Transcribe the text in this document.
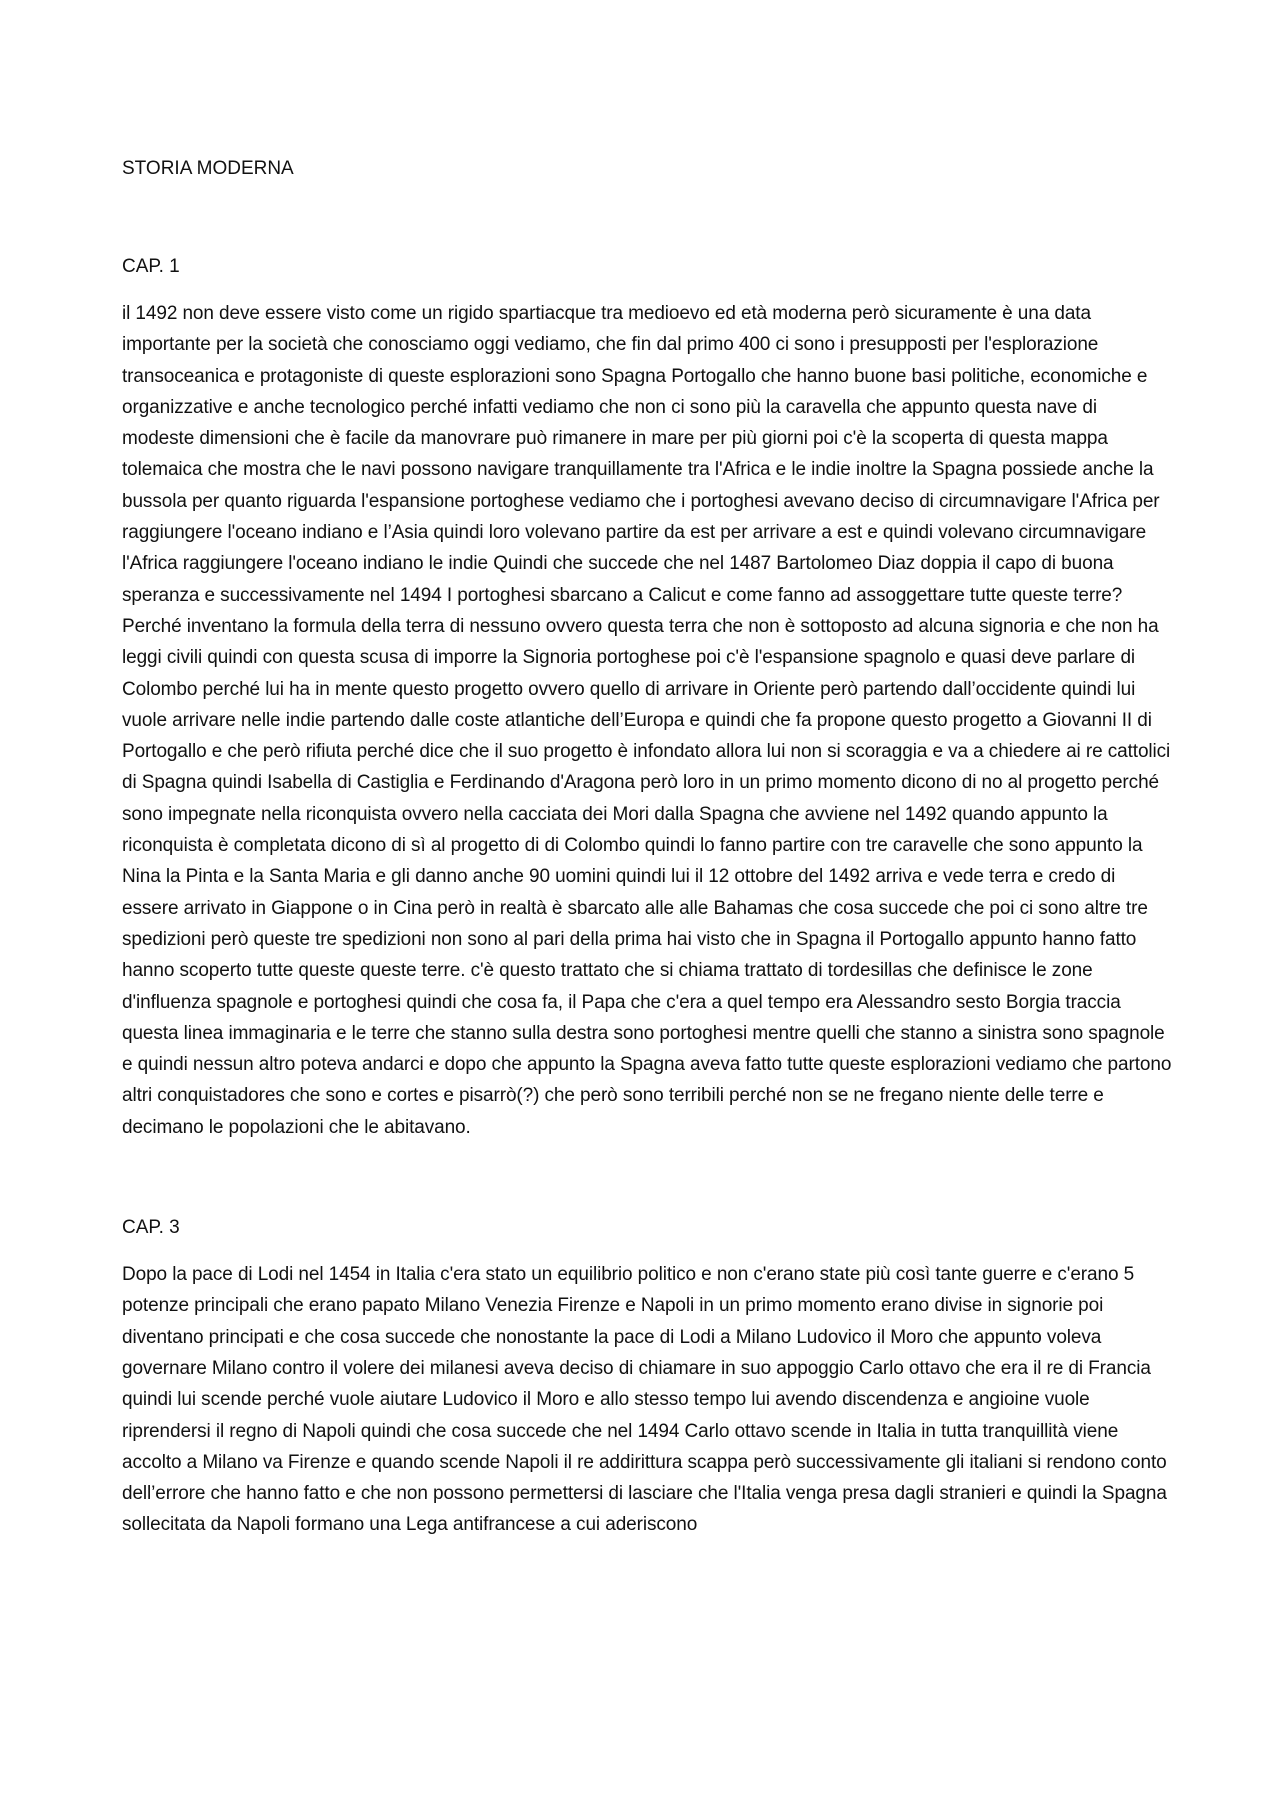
STORIA MODERNA
CAP. 1

il 1492 non deve essere visto come un rigido spartiacque tra medioevo ed età moderna però sicuramente è una data importante per la società che conosciamo oggi vediamo, che fin dal primo 400 ci sono i presupposti per l'esplorazione transoceanica e protagoniste di queste esplorazioni sono Spagna Portogallo che hanno buone basi politiche, economiche e organizzative e anche tecnologico perché infatti vediamo che non ci sono più la caravella che appunto questa nave di modeste dimensioni che è facile da manovrare può rimanere in mare per più giorni poi c'è la scoperta di questa mappa tolemaica che mostra che le navi possono navigare tranquillamente tra l'Africa e le indie inoltre la Spagna possiede anche la bussola per quanto riguarda l'espansione portoghese vediamo che i portoghesi avevano deciso di circumnavigare l'Africa per raggiungere l'oceano indiano e l’Asia quindi loro volevano partire da est per arrivare a est e quindi volevano circumnavigare l'Africa raggiungere l'oceano indiano le indie Quindi che succede che nel 1487 Bartolomeo Diaz doppia il capo di buona speranza e successivamente nel 1494 I portoghesi sbarcano a Calicut e come fanno ad assoggettare tutte queste terre? Perché inventano la formula della terra di nessuno ovvero questa terra che non è sottoposto ad alcuna signoria e che non ha leggi civili quindi con questa scusa di imporre la Signoria portoghese poi c'è l'espansione spagnolo e quasi deve parlare di Colombo perché lui ha in mente questo progetto ovvero quello di arrivare in Oriente però partendo dall’occidente quindi lui vuole arrivare nelle indie partendo dalle coste atlantiche dell’Europa e quindi che fa propone questo progetto a Giovanni II di Portogallo e che però rifiuta perché dice che il suo progetto è infondato allora lui non si scoraggia e va a chiedere ai re cattolici di Spagna quindi Isabella di Castiglia e Ferdinando d'Aragona però loro in un primo momento dicono di no al progetto perché sono impegnate nella riconquista ovvero nella cacciata dei Mori dalla Spagna che avviene nel 1492 quando appunto la riconquista è completata dicono di sì al progetto di di Colombo quindi lo fanno partire con tre caravelle che sono appunto la Nina la Pinta e la Santa Maria e gli danno anche 90 uomini quindi lui il 12 ottobre del 1492 arriva e vede terra e credo di essere arrivato in Giappone o in Cina però in realtà è sbarcato alle alle Bahamas che cosa succede che poi ci sono altre tre spedizioni però queste tre spedizioni non sono al pari della prima hai visto che in Spagna il Portogallo appunto hanno fatto hanno scoperto tutte queste queste terre. c'è questo trattato che si chiama trattato di tordesillas che definisce le zone d'influenza spagnole e portoghesi quindi che cosa fa, il Papa che c'era a quel tempo era Alessandro sesto Borgia traccia questa linea immaginaria e le terre che stanno sulla destra sono portoghesi mentre quelli che stanno a sinistra sono spagnole e quindi nessun altro poteva andarci e dopo che appunto la Spagna aveva fatto tutte queste esplorazioni vediamo che partono altri conquistadores che sono e cortes e pisarrò(?) che però sono terribili perché non se ne fregano niente delle terre e decimano le popolazioni che le abitavano.

CAP. 3

Dopo la pace di Lodi nel 1454 in Italia c'era stato un equilibrio politico e non c'erano state più così tante guerre e c'erano 5 potenze principali che erano papato Milano Venezia Firenze e Napoli in un primo momento erano divise in signorie poi diventano principati e che cosa succede che nonostante la pace di Lodi a Milano Ludovico il Moro che appunto voleva governare Milano contro il volere dei milanesi aveva deciso di chiamare in suo appoggio Carlo ottavo che era il re di Francia quindi lui scende perché vuole aiutare Ludovico il Moro e allo stesso tempo lui avendo discendenza e angioine vuole riprendersi il regno di Napoli quindi che cosa succede che nel 1494 Carlo ottavo scende in Italia in tutta tranquillità viene accolto a Milano va Firenze e quando scende Napoli il re addirittura scappa però successivamente gli italiani si rendono conto dell’errore che hanno fatto e che non possono permettersi di lasciare che l'Italia venga presa dagli stranieri e quindi la Spagna sollecitata da Napoli formano una Lega antifrancese a cui aderiscono
